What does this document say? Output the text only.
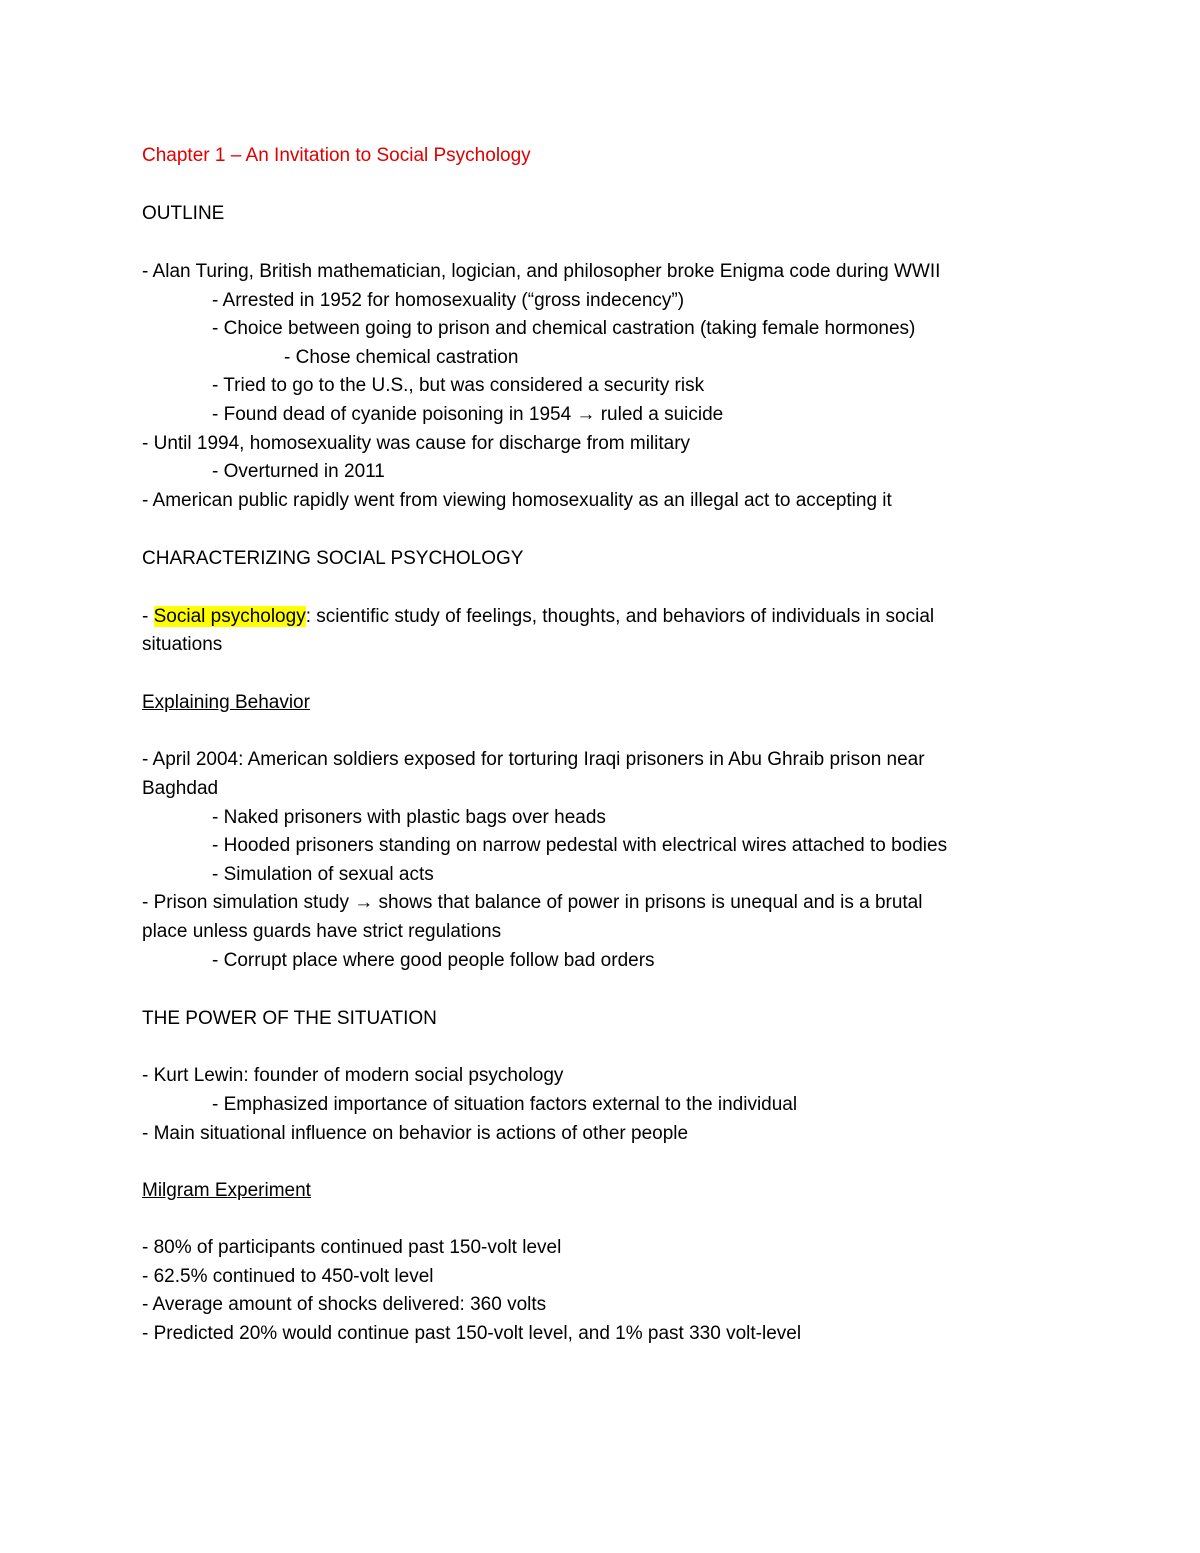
Chapter 1 – An Invitation to Social Psychology
OUTLINE
- Alan Turing, British mathematician, logician, and philosopher broke Enigma code during WWII
- Arrested in 1952 for homosexuality (“gross indecency”)
- Choice between going to prison and chemical castration (taking female hormones)
- Chose chemical castration
- Tried to go to the U.S., but was considered a security risk
- Found dead of cyanide poisoning in 1954 → ruled a suicide
- Until 1994, homosexuality was cause for discharge from military
- Overturned in 2011
- American public rapidly went from viewing homosexuality as an illegal act to accepting it
CHARACTERIZING SOCIAL PSYCHOLOGY
- Social psychology: scientific study of feelings, thoughts, and behaviors of individuals in social
situations
Explaining Behavior
- April 2004: American soldiers exposed for torturing Iraqi prisoners in Abu Ghraib prison near
Baghdad
- Naked prisoners with plastic bags over heads
- Hooded prisoners standing on narrow pedestal with electrical wires attached to bodies
- Simulation of sexual acts
- Prison simulation study → shows that balance of power in prisons is unequal and is a brutal
place unless guards have strict regulations
- Corrupt place where good people follow bad orders
THE POWER OF THE SITUATION
- Kurt Lewin: founder of modern social psychology
- Emphasized importance of situation factors external to the individual
- Main situational influence on behavior is actions of other people
Milgram Experiment
- 80% of participants continued past 150-volt level
- 62.5% continued to 450-volt level
- Average amount of shocks delivered: 360 volts
- Predicted 20% would continue past 150-volt level, and 1% past 330 volt-level
